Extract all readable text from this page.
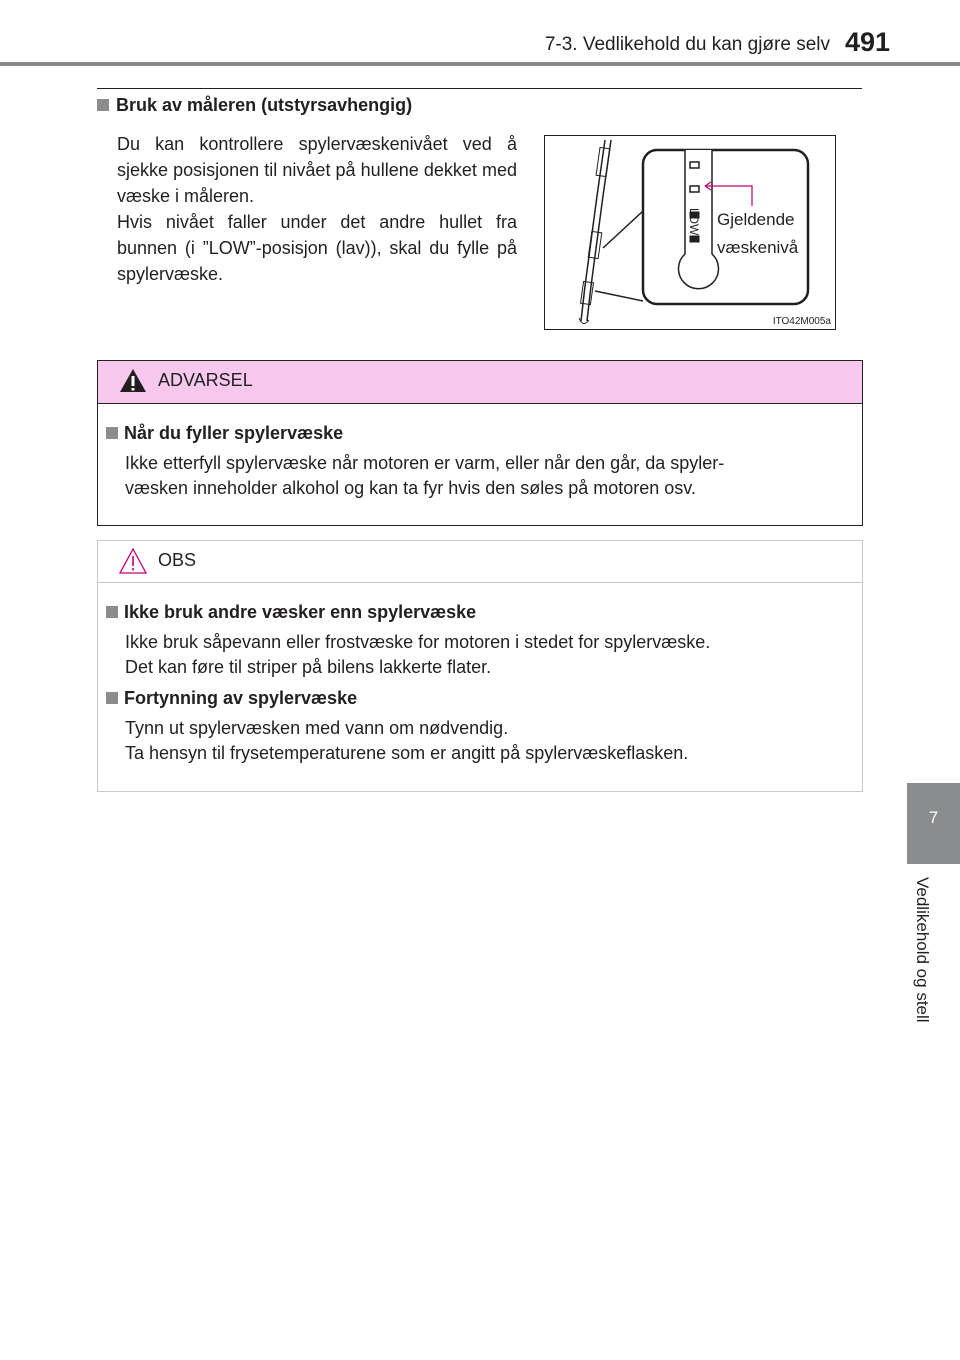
7-3. Vedlikehold du kan gjøre selv 491
Bruk av måleren (utstyrsavhengig)

Du kan kontrollere spylervæskenivået ved å sjekke posisjonen til nivået på hullene dekket med væske i måleren.

Hvis nivået faller under det andre hullet fra bunnen (i ”LOW”-posisjon (lav)), skal du fylle på spylervæske.

LOW Gjeldende
væskenivå
ITO42M005a
ADVARSEL
Når du fyller spylervæske

Ikke etterfyll spylervæske når motoren er varm, eller når den går, da spyler-

væsken inneholder alkohol og kan ta fyr hvis den søles på motoren osv.

OBS
Ikke bruk andre væsker enn spylervæske

Ikke bruk såpevann eller frostvæske for motoren i stedet for spylervæske.

Det kan føre til striper på bilens lakkerte flater.

Fortynning av spylervæske

Tynn ut spylervæsken med vann om nødvendig.

Ta hensyn til frysetemperaturene som er angitt på spylervæskeflasken.

7
Vedlikehold og stell
